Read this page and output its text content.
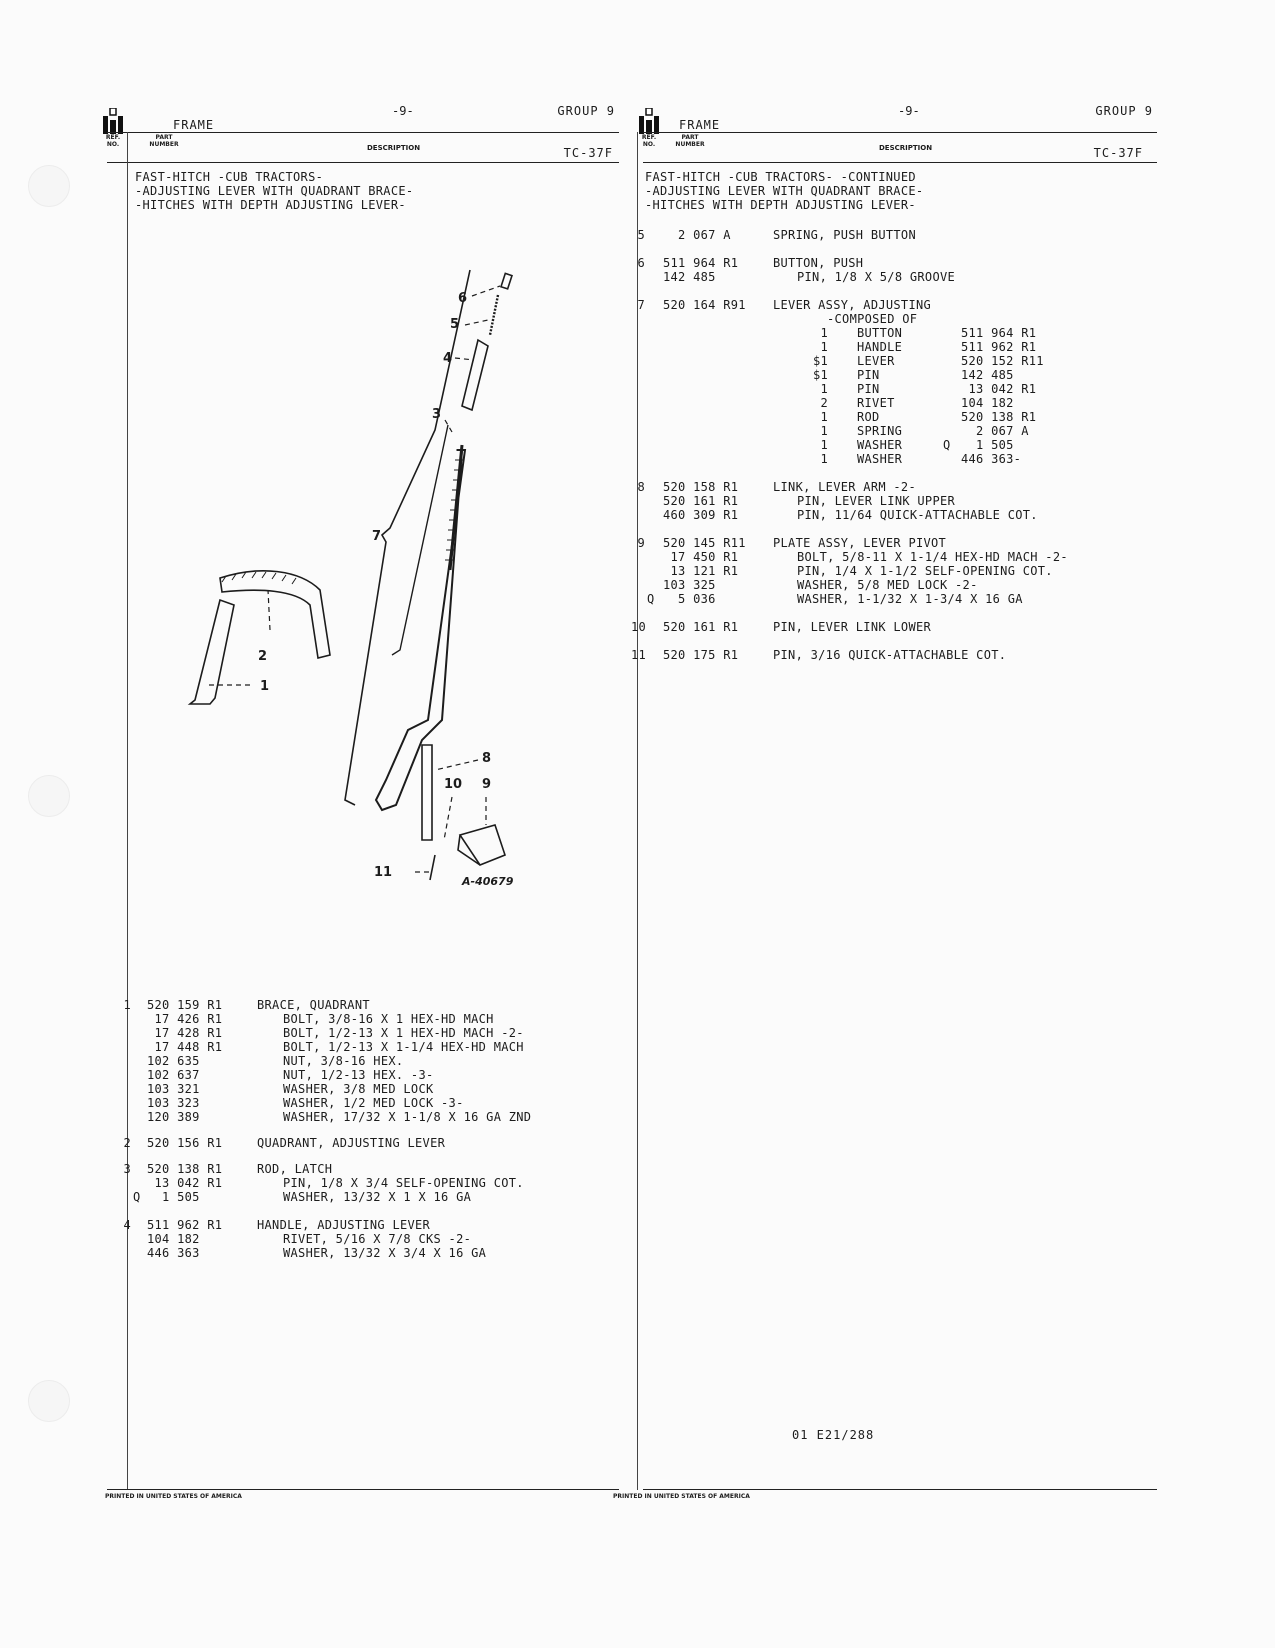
FRAME
-9-	GROUP 9
REF.
NO.
PART
NUMBER	DESCRIPTION	TC-37F
FAST-HITCH -CUB TRACTORS-
-ADJUSTING LEVER WITH QUADRANT BRACE-
-HITCHES WITH DEPTH ADJUSTING LEVER-
1 520 159 R1	BRACE, QUADRANT
17 426 R1	BOLT, 3/8-16 X 1 HEX-HD MACH
17 428 R1	BOLT, 1/2-13 X 1 HEX-HD MACH -2-
17 448 R1	BOLT, 1/2-13 X 1-1/4 HEX-HD MACH
102 635	NUT, 3/8-16 HEX.
102 637	NUT, 1/2-13 HEX. -3-
103 321	WASHER, 3/8 MED LOCK
103 323	WASHER, 1/2 MED LOCK -3-
120 389	WASHER, 17/32 X 1-1/8 X 16 GA ZND
2 520 156 R1	QUADRANT, ADJUSTING LEVER
3 520 138 R1	ROD, LATCH
13 042 R1	PIN, 1/8 X 3/4 SELF-OPENING COT.
Q 1 505	WASHER, 13/32 X 1 X 16 GA
4 511 962 R1	HANDLE, ADJUSTING LEVER
104 182	RIVET, 5/16 X 7/8 CKS -2-
446 363	WASHER, 13/32 X 3/4 X 16 GA
PRINTED IN UNITED STATES OF AMERICA
6
5
4
3
7
2
1
8
10 9
11
A-40679
FRAME
-9-	GROUP 9
REF.
NO.
PART
NUMBER	DESCRIPTION	TC-37F
FAST-HITCH -CUB TRACTORS- -CONTINUED
-ADJUSTING LEVER WITH QUADRANT BRACE-
-HITCHES WITH DEPTH ADJUSTING LEVER-
5 2 067 A	SPRING, PUSH BUTTON
6 511 964 R1	BUTTON, PUSH
142 485	PIN, 1/8 X 5/8 GROOVE
7 520 164 R91 LEVER ASSY, ADJUSTING
-COMPOSED OF
1 BUTTON	511 964 R1
1 HANDLE	511 962 R1
$1 LEVER	520 152 R11
$1 PIN	142 485
1 PIN	13 042 R1
2 RIVET	104 182
1 ROD	520 138 R1
1 SPRING	2 067 A
1 WASHER	Q 1 505
1 WASHER	446 363-
8 520 158 R1	LINK, LEVER ARM -2-
520 161 R1	PIN, LEVER LINK UPPER
460 309 R1	PIN, 11/64 QUICK-ATTACHABLE COT.
9 520 145 R11 PLATE ASSY, LEVER PIVOT
17 450 R1	BOLT, 5/8-11 X 1-1/4 HEX-HD MACH -2-
13 121 R1	PIN, 1/4 X 1-1/2 SELF-OPENING COT.
103 325	WASHER, 5/8 MED LOCK -2-
Q 5 036	WASHER, 1-1/32 X 1-3/4 X 16 GA
10 520 161 R1	PIN, LEVER LINK LOWER
11 520 175 R1	PIN, 3/16 QUICK-ATTACHABLE COT.
PRINTED IN UNITED STATES OF AMERICA
01 E21/288
